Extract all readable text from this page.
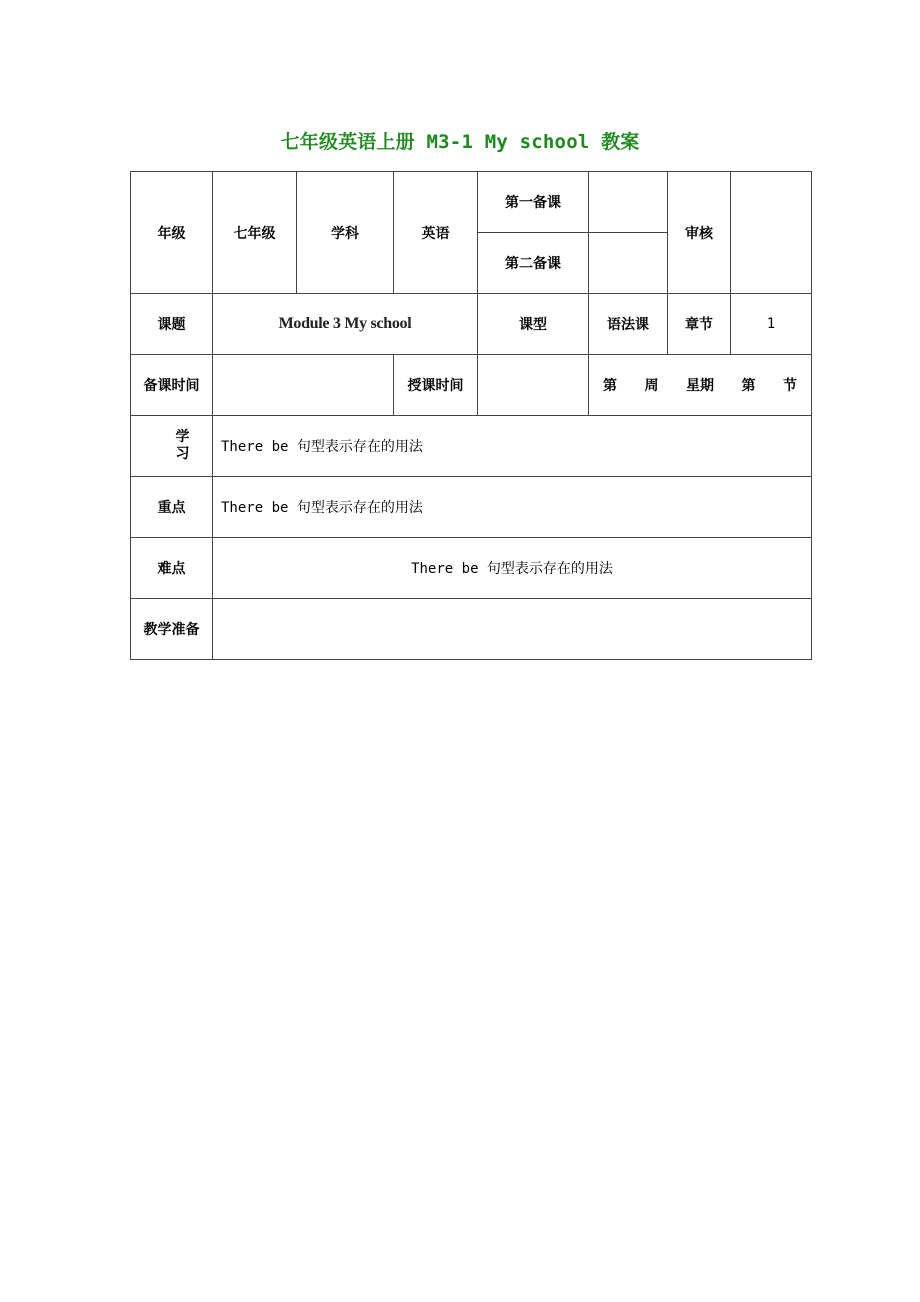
七年级英语上册 M3-1 My school 教案
年级	七年级	学科	英语	第一备课		审核	
				第二备课			
课题	Module 3 My school			课型	语法课	章节	1
备课时间			授课时间		第 周 星期 第 节		

学
习	There be 句型表示存在的用法						
重点	There be 句型表示存在的用法						
难点	There be 句型表示存在的用法						
教学准备							
